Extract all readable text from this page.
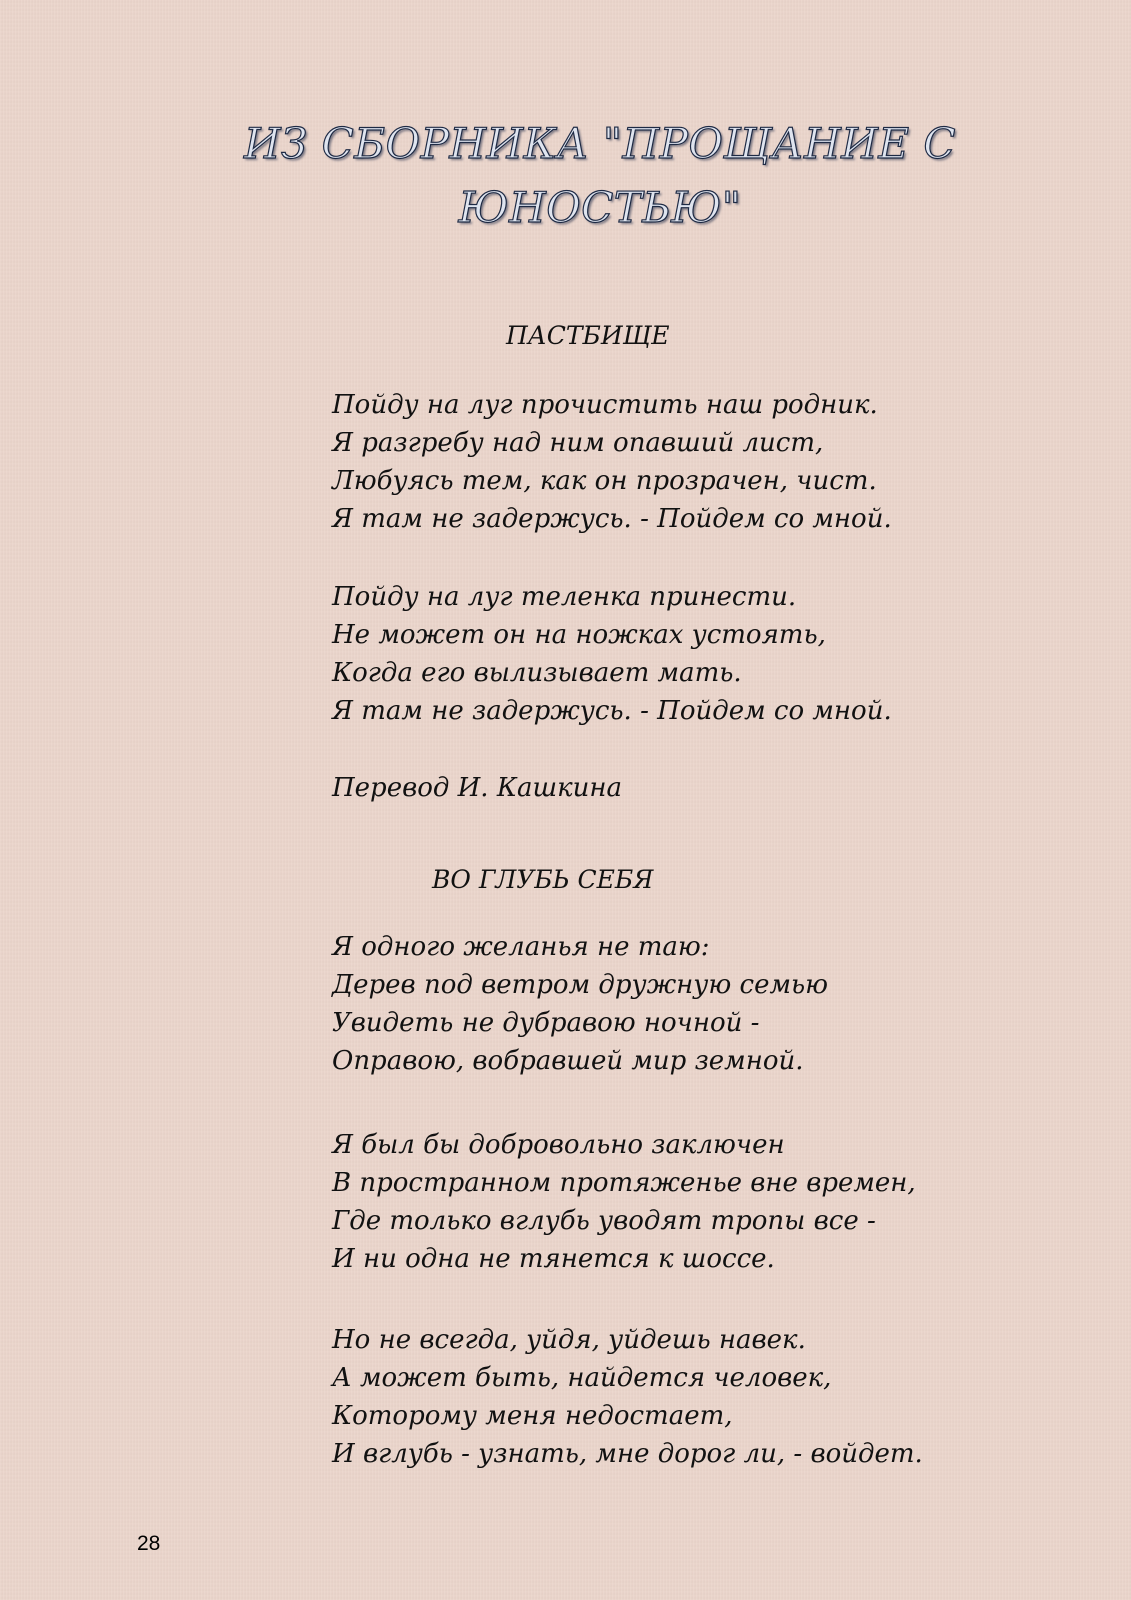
ИЗ СБОРНИКА "ПРОЩАНИЕ С
ЮНОСТЬЮ"
ПАСТБИЩЕ
Пойду на луг прочистить наш родник.
Я разгребу над ним опавший лист,
Любуясь тем, как он прозрачен, чист.
Я там не задержусь. - Пойдем со мной.
Пойду на луг теленка принести.
Не может он на ножках устоять,
Когда его вылизывает мать.
Я там не задержусь. - Пойдем со мной.
Перевод И. Кашкина
ВО ГЛУБЬ СЕБЯ
Я одного желанья не таю:
Дерев под ветром дружную семью
Увидеть не дубравою ночной -
Оправою, вобравшей мир земной.
Я был бы добровольно заключен
В пространном протяженье вне времен,
Где только вглубь уводят тропы все -
И ни одна не тянется к шоссе.
Но не всегда, уйдя, уйдешь навек.
А может быть, найдется человек,
Которому меня недостает,
И вглубь - узнать, мне дорог ли, - войдет.
28
